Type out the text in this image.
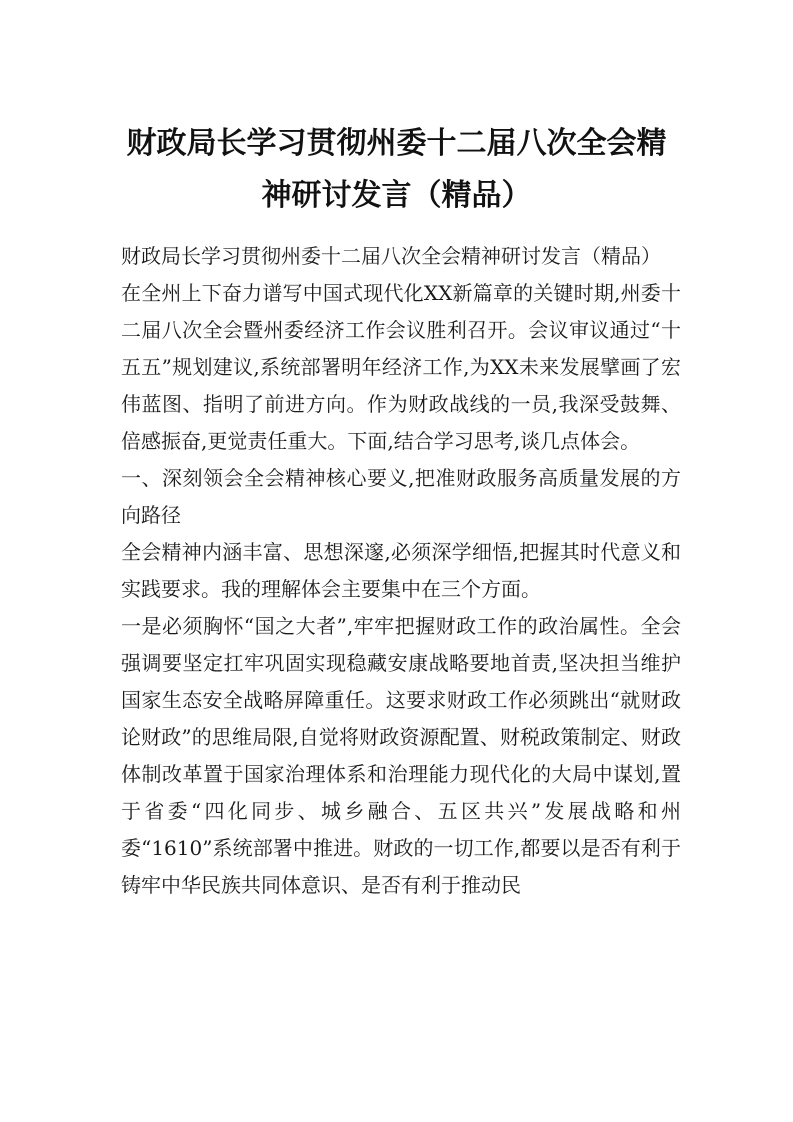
财政局长学习贯彻州委十二届八次全会精
神研讨发言（精品）

财政局长学习贯彻州委十二届八次全会精神研讨发言（精品）

在全州上下奋力谱写中国式现代化XX新篇章的关键时期,州委十二届八次全会暨州委经济工作会议胜利召开。会议审议通过“十五五”规划建议,系统部署明年经济工作,为XX未来发展擘画了宏伟蓝图、指明了前进方向。作为财政战线的一员,我深受鼓舞、倍感振奋,更觉责任重大。下面,结合学习思考,谈几点体会。

一、深刻领会全会精神核心要义,把准财政服务高质量发展的方向路径

全会精神内涵丰富、思想深邃,必须深学细悟,把握其时代意义和实践要求。我的理解体会主要集中在三个方面。

一是必须胸怀“国之大者”,牢牢把握财政工作的政治属性。全会强调要坚定扛牢巩固实现稳藏安康战略要地首责,坚决担当维护国家生态安全战略屏障重任。这要求财政工作必须跳出“就财政论财政”的思维局限,自觉将财政资源配置、财税政策制定、财政体制改革置于国家治理体系和治理能力现代化的大局中谋划,置于省委“四化同步、城乡融合、五区共兴”发展战略和州委“1610”系统部署中推进。财政的一切工作,都要以是否有利于铸牢中华民族共同体意识、是否有利于推动民
